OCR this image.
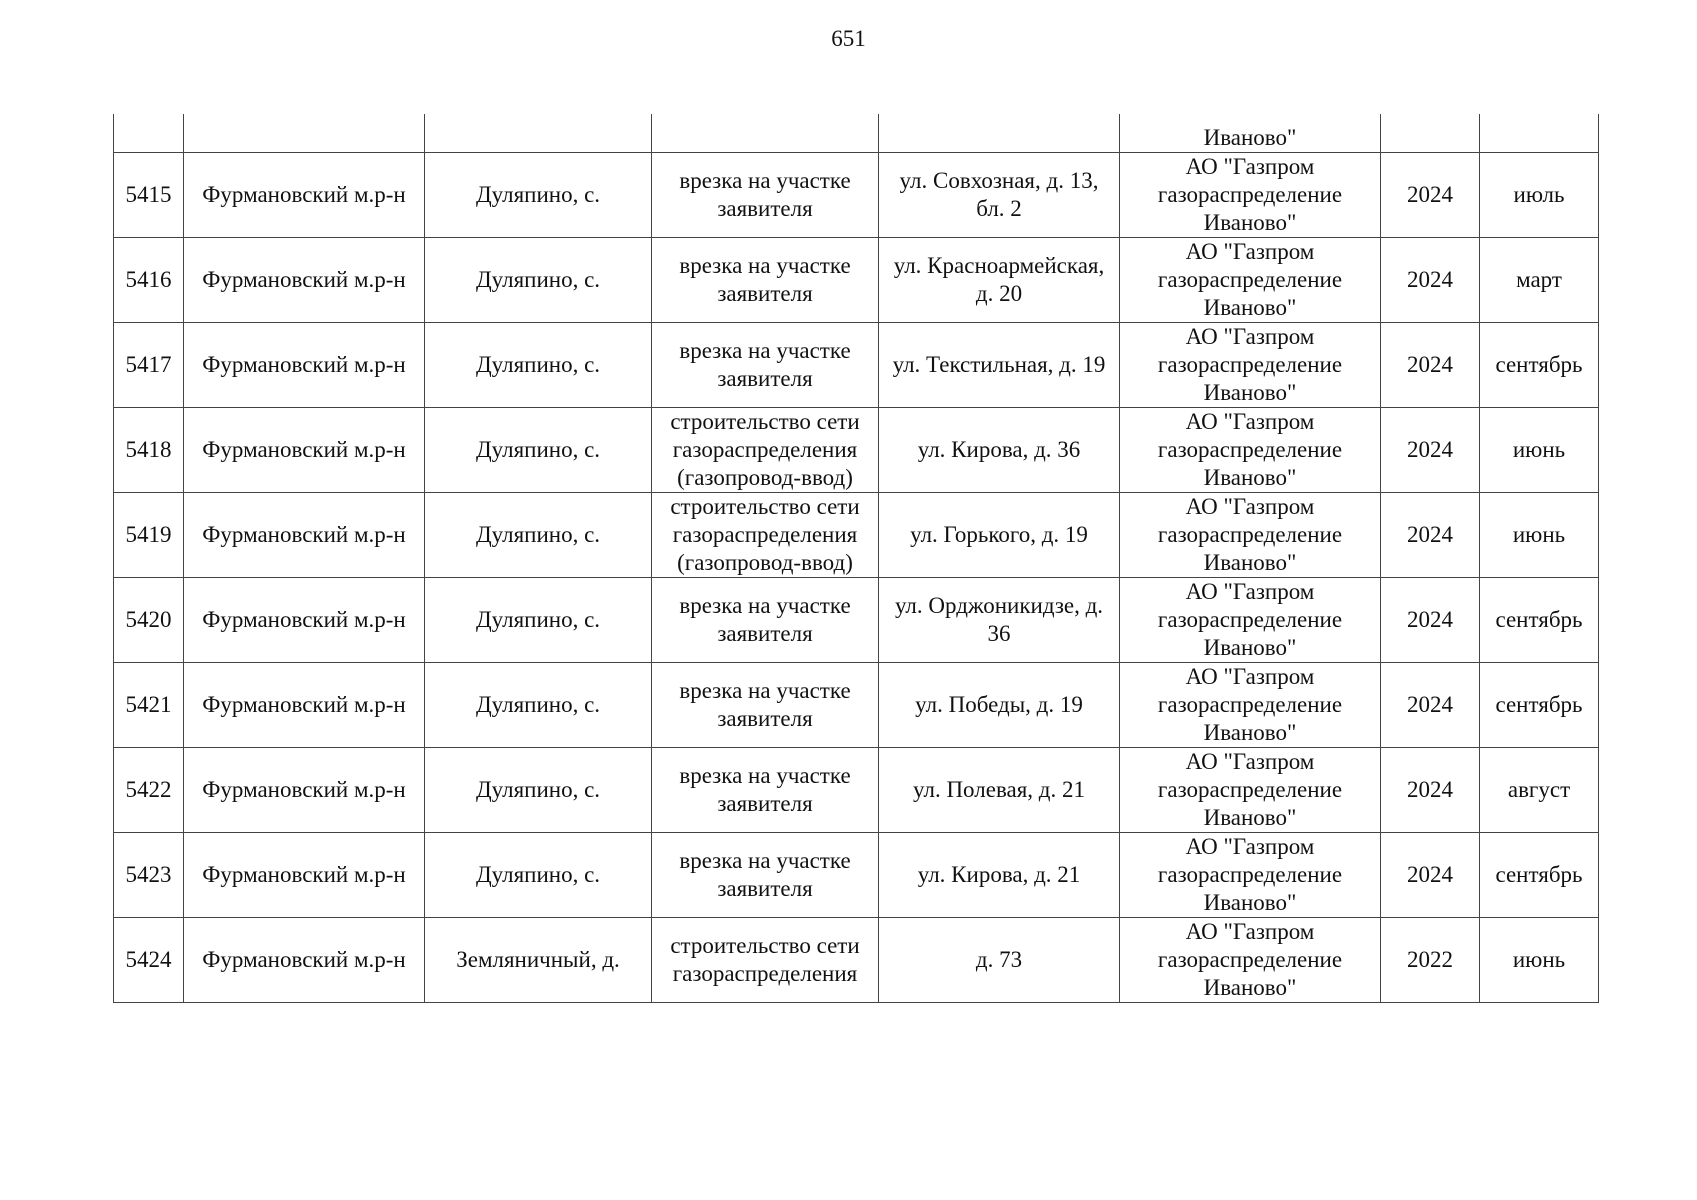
651
					Иваново"		
5415	Фурмановский м.р-н	Дуляпино, с.	врезка на участке заявителя	ул. Совхозная, д. 13, бл. 2	АО "Газпром газораспределение Иваново"	2024	июль
5416	Фурмановский м.р-н	Дуляпино, с.	врезка на участке заявителя	ул. Красноармейская, д. 20	АО "Газпром газораспределение Иваново"	2024	март
5417	Фурмановский м.р-н	Дуляпино, с.	врезка на участке заявителя	ул. Текстильная, д. 19	АО "Газпром газораспределение Иваново"	2024	сентябрь
5418	Фурмановский м.р-н	Дуляпино, с.	строительство сети газораспределения (газопровод-ввод)	ул. Кирова, д. 36	АО "Газпром газораспределение Иваново"	2024	июнь
5419	Фурмановский м.р-н	Дуляпино, с.	строительство сети газораспределения (газопровод-ввод)	ул. Горького, д. 19	АО "Газпром газораспределение Иваново"	2024	июнь
5420	Фурмановский м.р-н	Дуляпино, с.	врезка на участке заявителя	ул. Орджоникидзе, д. 36	АО "Газпром газораспределение Иваново"	2024	сентябрь
5421	Фурмановский м.р-н	Дуляпино, с.	врезка на участке заявителя	ул. Победы, д. 19	АО "Газпром газораспределение Иваново"	2024	сентябрь
5422	Фурмановский м.р-н	Дуляпино, с.	врезка на участке заявителя	ул. Полевая, д. 21	АО "Газпром газораспределение Иваново"	2024	август
5423	Фурмановский м.р-н	Дуляпино, с.	врезка на участке заявителя	ул. Кирова, д. 21	АО "Газпром газораспределение Иваново"	2024	сентябрь
5424	Фурмановский м.р-н	Земляничный, д.	строительство сети газораспределения	д. 73	АО "Газпром газораспределение Иваново"	2022	июнь
